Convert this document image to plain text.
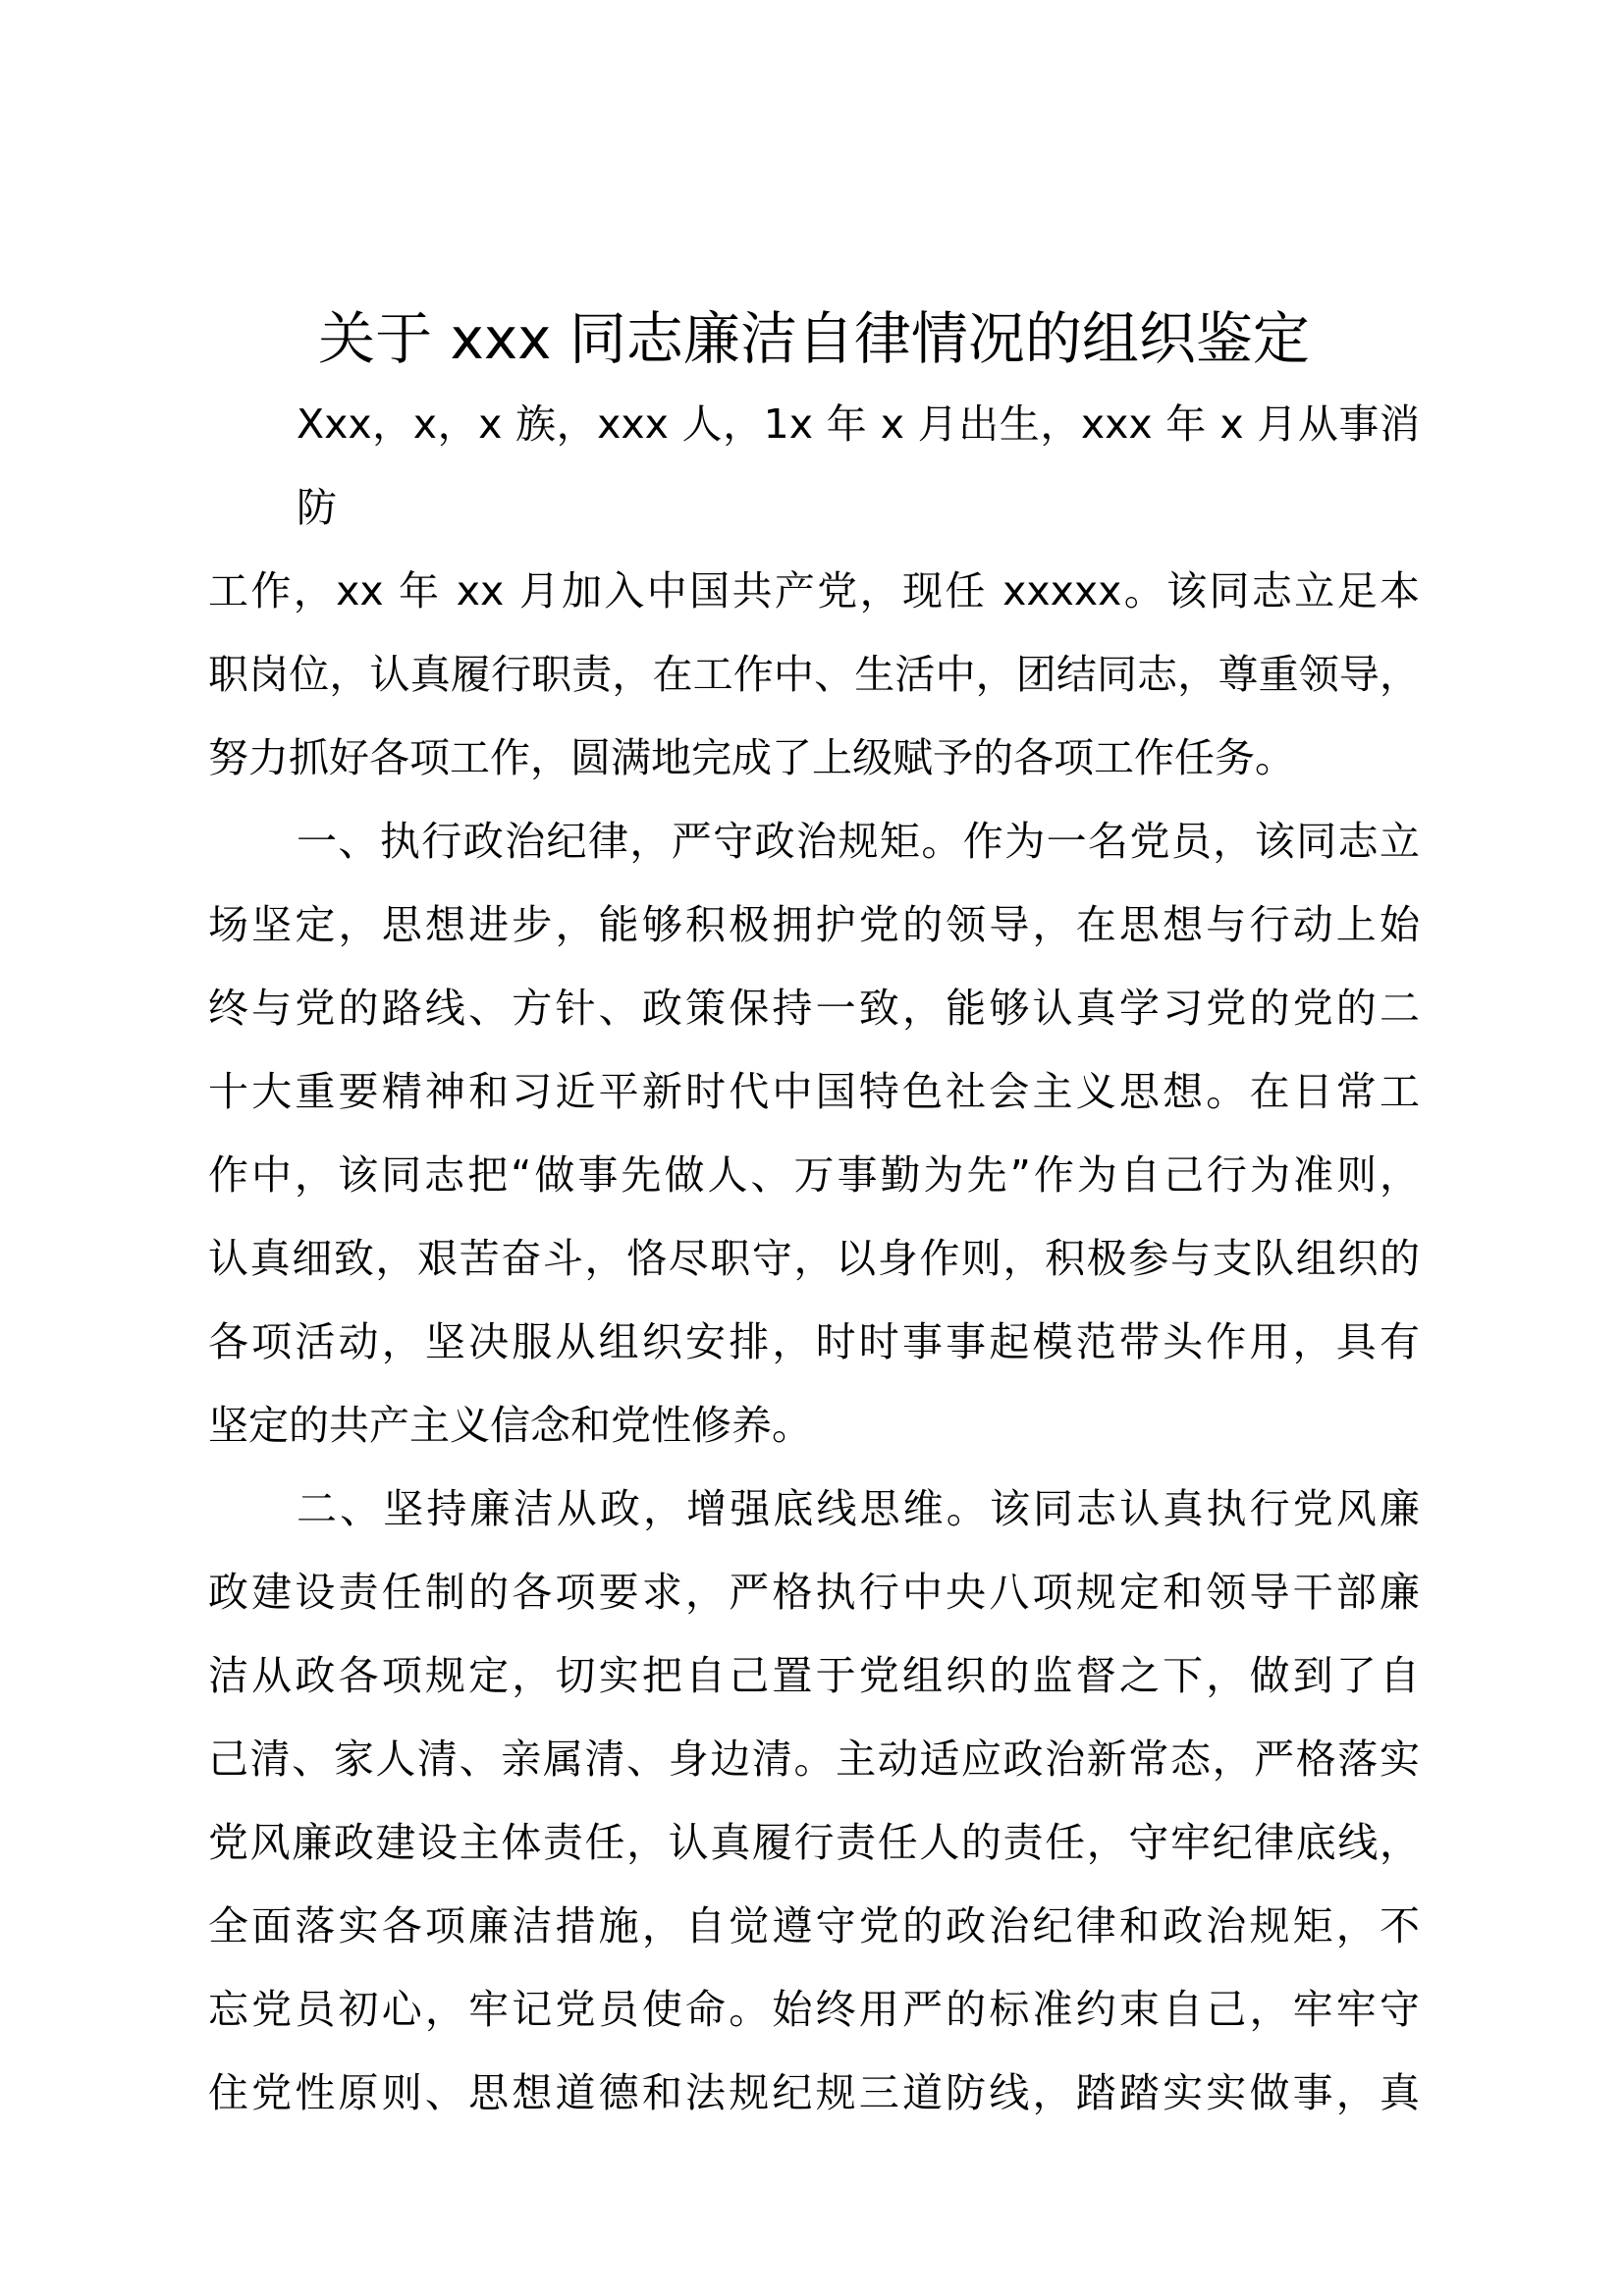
关于 xxx 同志廉洁自律情况的组织鉴定
Xxx，x，x 族，xxx 人，1x 年 x 月出生，xxx 年 x 月从事消防
工作，xx 年 xx 月加入中国共产党，现任 xxxxx。该同志立足本
职岗位，认真履行职责，在工作中、生活中，团结同志，尊重领导，
努力抓好各项工作，圆满地完成了上级赋予的各项工作任务。
一、执行政治纪律，严守政治规矩。作为一名党员，该同志立
场坚定，思想进步，能够积极拥护党的领导，在思想与行动上始
终与党的路线、方针、政策保持一致，能够认真学习党的党的二
十大重要精神和习近平新时代中国特色社会主义思想。在日常工
作中，该同志把“做事先做人、万事勤为先”作为自己行为准则，
认真细致，艰苦奋斗，恪尽职守，以身作则，积极参与支队组织的
各项活动，坚决服从组织安排，时时事事起模范带头作用，具有
坚定的共产主义信念和党性修养。
二、坚持廉洁从政，增强底线思维。该同志认真执行党风廉
政建设责任制的各项要求，严格执行中央八项规定和领导干部廉
洁从政各项规定，切实把自己置于党组织的监督之下，做到了自
己清、家人清、亲属清、身边清。主动适应政治新常态，严格落实
党风廉政建设主体责任，认真履行责任人的责任，守牢纪律底线，
全面落实各项廉洁措施，自觉遵守党的政治纪律和政治规矩，不
忘党员初心，牢记党员使命。始终用严的标准约束自己，牢牢守
住党性原则、思想道德和法规纪规三道防线，踏踏实实做事，真
